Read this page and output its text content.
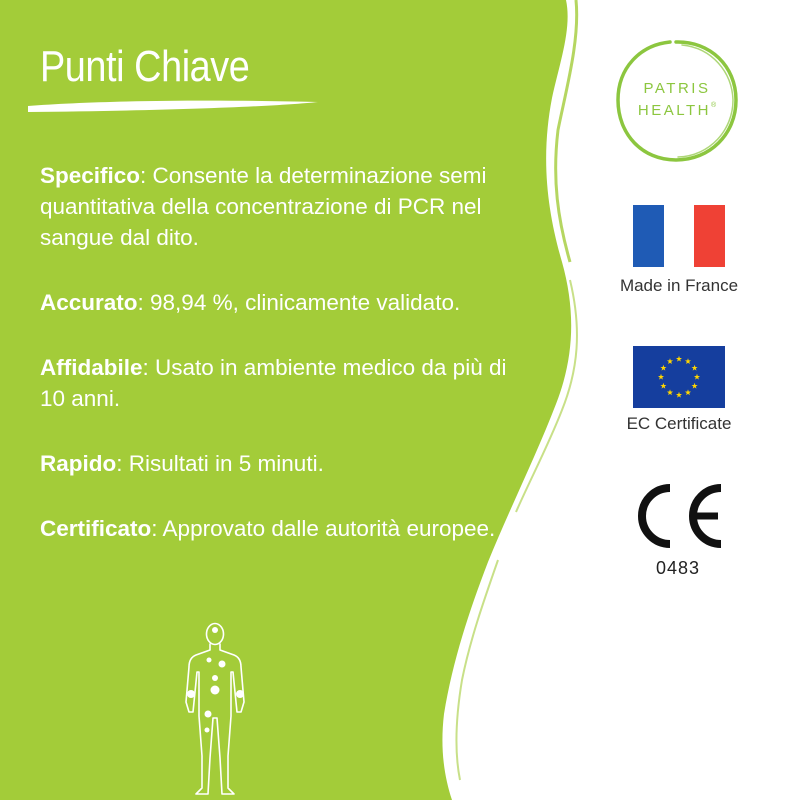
Punti Chiave
Specifico: Consente la determinazione semi quantitativa della concentrazione di PCR nel sangue dal dito.
Accurato: 98,94 %, clinicamente validato.
Affidabile: Usato in ambiente medico da più di 10 anni.
Rapido: Risultati in 5 minuti.
Certificato: Approvato dalle autorità europee.
PATRIS
HEALTH®
Made in France
EC Certificate
0483
